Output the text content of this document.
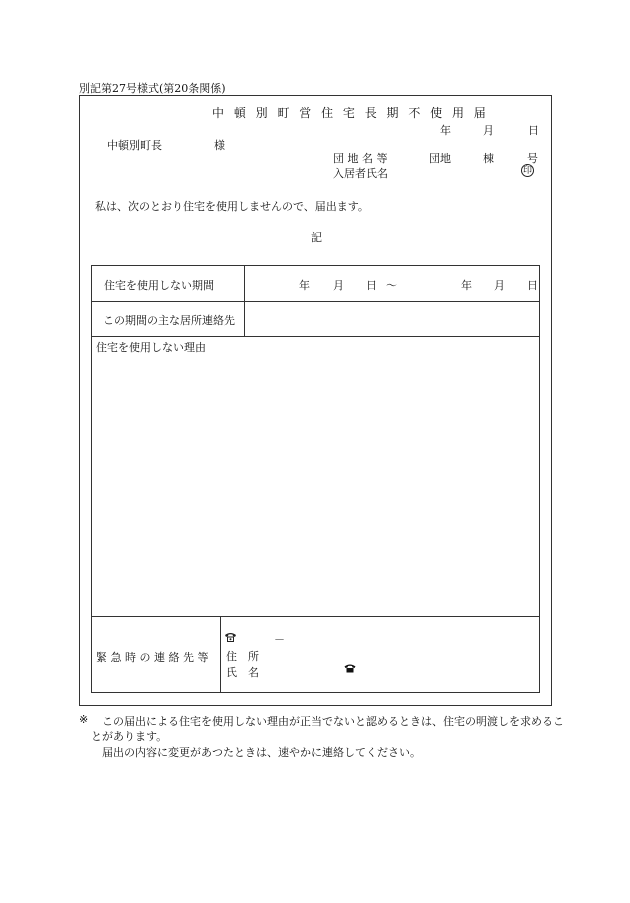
別記第27号様式(第20条関係)
中 頓 別 町 営 住 宅 長 期 不 使 用 届
年	月	日
中頓別町長	様
団 地 名 等	団地	棟	号
入居者氏名	印
私は、次のとおり住宅を使用しませんので、届出ます。
記
住宅を使用しない期間	年 月 日 ～	年 月 日
この期間の主な居所連絡先
住宅を使用しない理由
緊 急 時 の 連 絡 先 等
－
住　所
氏　名
※ この届出による住宅を使用しない理由が正当でないと認めるときは、住宅の明渡しを求めるこ
とがあります。
届出の内容に変更があつたときは、速やかに連絡してください。
